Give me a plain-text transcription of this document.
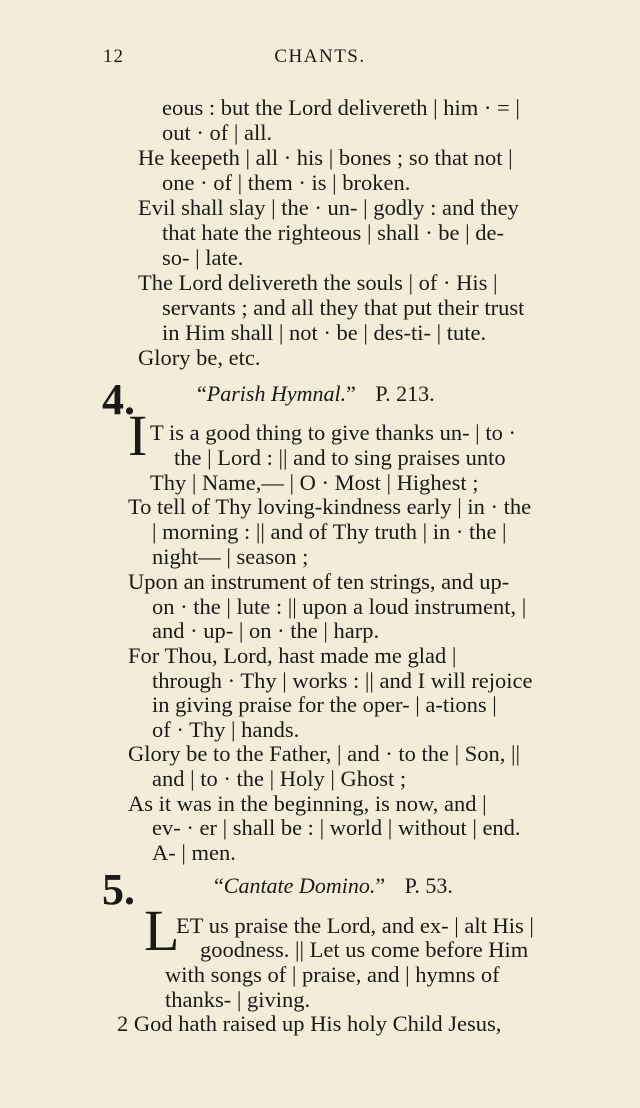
12	CHANTS.
eous : but the Lord delivereth | him · = |
out · of | all.
He keepeth | all · his | bones ; so that not |
one · of | them · is | broken.
Evil shall slay | the · un- | godly : and they
that hate the righteous | shall · be | de-
so- | late.
The Lord delivereth the souls | of · His |
servants ; and all they that put their trust
in Him shall | not · be | des-ti- | tute.
Glory be, etc.
4.	“Parish Hymnal.” P. 213.
I T is a good thing to give thanks un- | to ·
the | Lord : || and to sing praises unto
Thy | Name,— | O · Most | Highest ;
To tell of Thy loving-kindness early | in · the
| morning : || and of Thy truth | in · the |
night— | season ;
Upon an instrument of ten strings, and up-
on · the | lute : || upon a loud instrument, |
and · up- | on · the | harp.
For Thou, Lord, hast made me glad |
through · Thy | works : || and I will rejoice
in giving praise for the oper- | a-tions |
of · Thy | hands.
Glory be to the Father, | and · to the | Son, ||
and | to · the | Holy | Ghost ;
As it was in the beginning, is now, and |
ev- · er | shall be : | world | without | end.
A- | men.
5.	“Cantate Domino.” P. 53.
L
ET us praise the Lord, and ex- | alt His |
goodness. || Let us come before Him
with songs of | praise, and | hymns of
thanks- | giving.
2 God hath raised up His holy Child Jesus,
